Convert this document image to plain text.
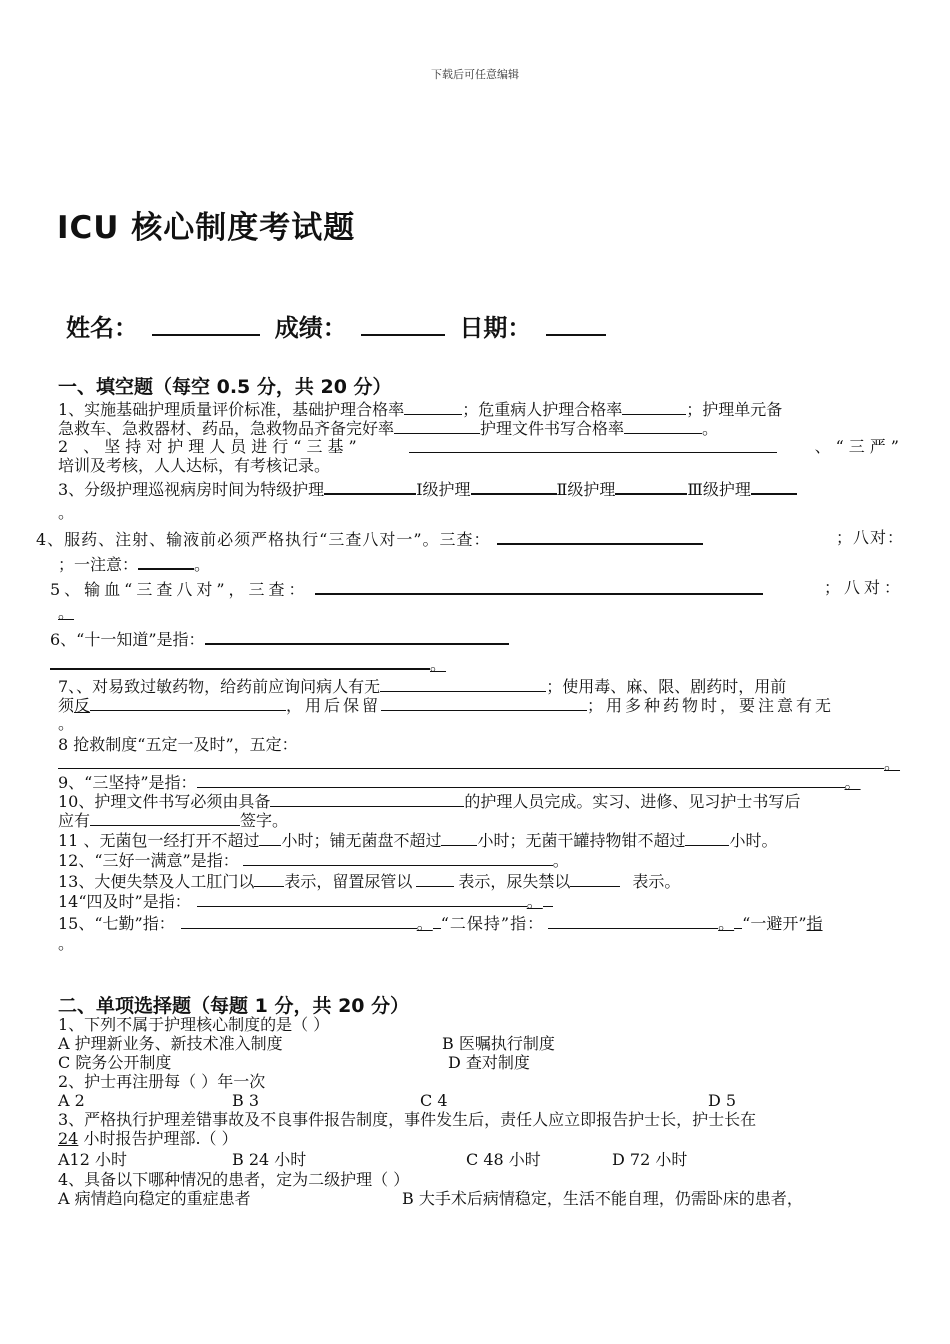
下载后可任意编辑
ICU 核心制度考试题
姓名：	成绩：	日期：
一、填空题（每空 0.5 分，共 20 分）
1、实施基础护理质量评价标准，基础护理合格率	；危重病人护理合格率	；护理单元备
急救车、急救器材、药品，急救物品齐备完好率	护理文件书写合格率	。
2 、坚持对护理人员进行“三基”	、“三严”
培训及考核，人人达标，有考核记录。
3、分级护理巡视病房时间为特级护理	Ⅰ级护理	Ⅱ级护理	Ⅲ级护理
。
4、服药、注射、输液前必须严格执行“三查八对一”。三查：	；八对：
；一注意：	。
5、输血“三查八对”，三查：	；八对：
。
6、“十一知道”是指：
。
7、、对易致过敏药物，给药前应询问病人有无	；使用毒、麻、限、剧药时，用前
须反	，用后保留	；用多种药物时，要注意有无
。
8 抢救制度“五定一及时”，五定：
。
9、“三坚持”是指：	。
10、护理文件书写必须由具备	的护理人员完成。实习、进修、见习护士书写后
应有	签字。
11 、无菌包一经打开不超过 小时；铺无菌盘不超过 小时；无菌干罐持物钳不超过	小时。
12、“三好一满意”是指：	。
13、大便失禁及人工肛门以 表示，留置尿管以	表示，尿失禁以	表示。
14“四及时”是指：	。
15、“七勤”指：	。 “二保持”指：	。 “一避开”指
。
二、单项选择题（每题 1 分，共 20 分）
1、下列不属于护理核心制度的是（ ）
A 护理新业务、新技术准入制度	B 医嘱执行制度
C 院务公开制度	D 查对制度
2、护士再注册每（ ）年一次
A 2	B 3	C 4	D 5
3、严格执行护理差错事故及不良事件报告制度，事件发生后，责任人应立即报告护士长，护士长在
24 小时报告护理部.（ ）
A12 小时	B 24 小时	C 48 小时	D 72 小时
4、具备以下哪种情况的患者，定为二级护理（ ）
A 病情趋向稳定的重症患者	B 大手术后病情稳定，生活不能自理，仍需卧床的患者，
